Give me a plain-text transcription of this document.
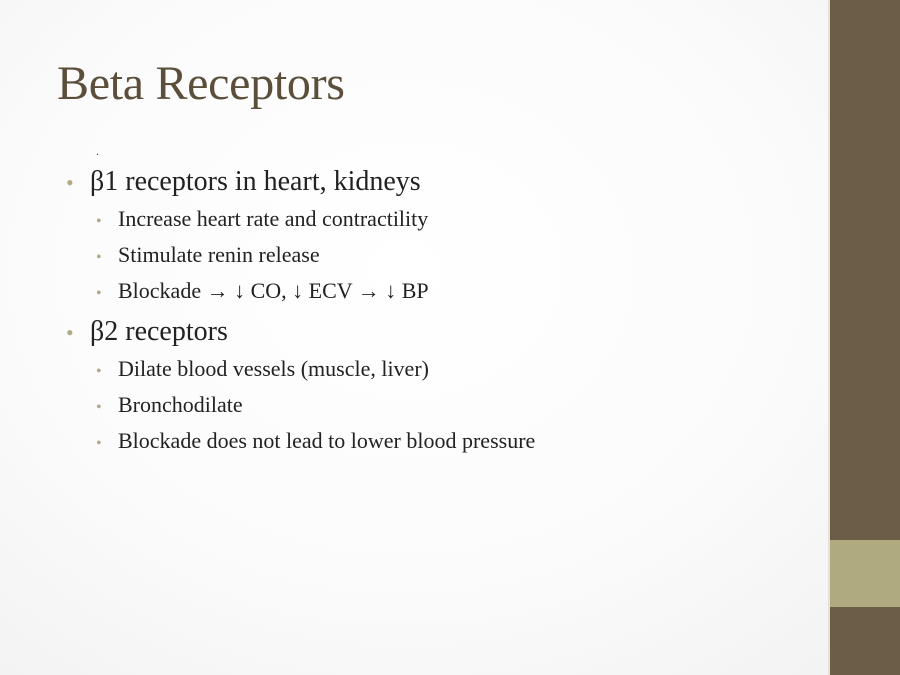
Beta Receptors
.
• β1 receptors in heart, kidneys
• Increase heart rate and contractility
• Stimulate renin release
• Blockade → ↓ CO, ↓ ECV → ↓ BP
• β2 receptors
• Dilate blood vessels (muscle, liver)
• Bronchodilate
• Blockade does not lead to lower blood pressure
